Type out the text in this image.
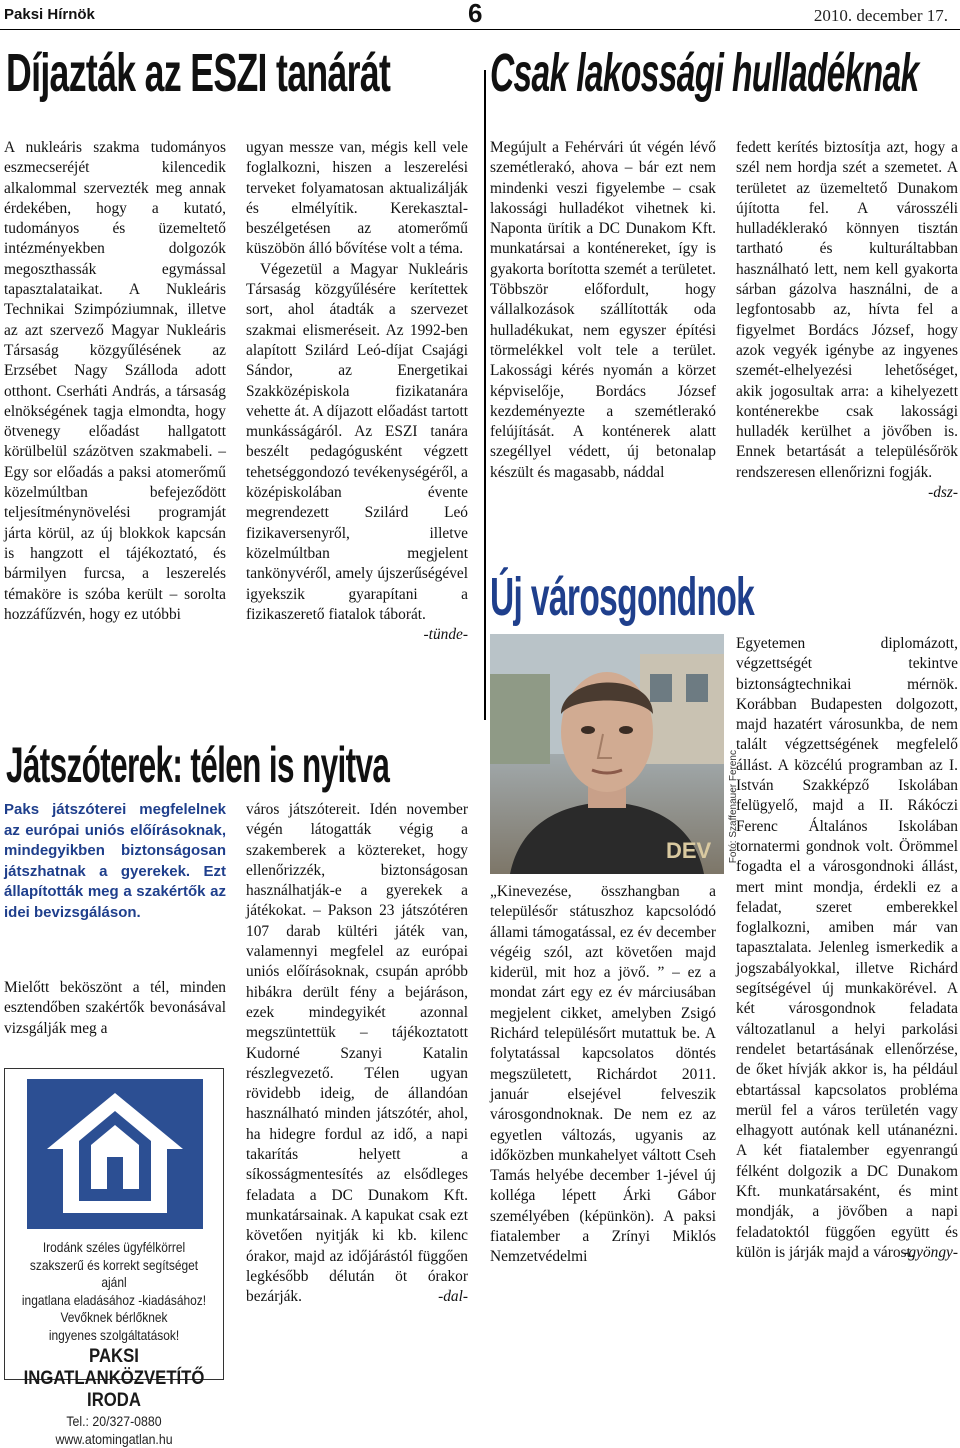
Paksi Hírnök	6	2010. december 17.
Díjazták az ESZI tanárát Csak lakossági hulladéknak
Játszóterek: télen is nyitva
Új városgondnok

A nukleáris szakma tudományos eszmecseréjét kilencedik alkalommal szervezték meg annak érdekében, hogy a kutató, tudományos és üzemeltető intézményekben dolgozók megoszthassák egymással tapasztalataikat. A Nukleáris Technikai Szimpóziumnak, illetve az azt szervező Magyar Nukleáris Társaság közgyűlésének az Erzsébet Nagy Szálloda adott otthont. Cserháti András, a társaság elnökségének tagja elmondta, hogy ötvenegy előadást hallgatott körülbelül százötven szakmabeli. – Egy sor előadás a paksi atomerőmű közelmúltban befejeződött teljesítménynövelési programját járta körül, az új blokkok kapcsán is hangzott el tájékoztató, és bármilyen furcsa, a leszerelés témaköre is szóba került – sorolta hozzáfűzvén, hogy ez utóbbi

ugyan messze van, mégis kell vele foglalkozni, hiszen a leszerelési terveket folyamatosan aktualizálják és elmélyítik. Kerekasztal-beszélgetésen az atomerőmű küszöbön álló bővítése volt a téma.

Végezetül a Magyar Nukleáris Társaság közgyűlésére kerítettek sort, ahol átadták a szervezet szakmai elismeréseit. Az 1992-ben alapított Szilárd Leó-díjat Csajági Sándor, az Energetikai Szakközépiskola fizikatanára vehette át. A díjazott előadást tartott munkásságáról. Az ESZI tanára beszélt pedagógusként végzett tehetséggondozó tevékenységéről, a középiskolában évente megrendezett Szilárd Leó fizikaversenyről, illetve közelmúltban megjelent tankönyvéről, amely újszerűségével igyekszik gyarapítani a fizikaszerető fiatalok táborát.

-tünde-

Megújult a Fehérvári út végén lévő szemétlerakó, ahova – bár ezt nem mindenki veszi figyelembe – csak lakossági hulladékot vihetnek ki. Naponta ürítik a DC Dunakom Kft. munkatársai a konténereket, így is gyakorta borította szemét a területet. Többször előfordult, hogy vállalkozások szállították oda hulladékukat, nem egyszer építési törmelékkel volt tele a terület. Lakossági kérés nyomán a körzet képviselője, Bordács József kezdeményezte a szemétlerakó felújítását. A konténerek alatt szegéllyel védett, új betonalap készült és magasabb, náddal

fedett kerítés biztosítja azt, hogy a szél nem hordja szét a szemetet. A területet az üzemeltető Dunakom újította fel. A városszéli hulladéklerakó könnyen tisztán tartható és kulturáltabban használható lett, nem kell gyakorta sárban gázolva használni, de a legfontosabb az, hívta fel a figyelmet Bordács József, hogy azok vegyék igénybe az ingyenes szemét-elhelyezési lehetőséget, akik jogosultak arra: a kihelyezett konténerekbe csak lakossági hulladék kerülhet a jövőben is. Ennek betartását a településőrök rendszeresen ellenőrizni fogják.

-dsz-

Paks játszóterei megfelelnek az európai uniós előírásoknak, mindegyikben biztonságosan játszhatnak a gyerekek. Ezt állapították meg a szakértők az idei bevizsgáláson.

Mielőtt beköszönt a tél, minden esztendőben szakértők bevonásával vizsgálják meg a

város játszótereit. Idén november végén látogatták végig a szakemberek a köztereket, hogy ellenőrizzék, biztonságosan használhatják-e a gyerekek a játékokat. – Pakson 23 játszótéren 107 darab kültéri játék van, valamennyi megfelel az európai uniós előírásoknak, csupán apróbb hibákra derült fény a bejáráson, ezek mindegyikét azonnal megszüntettük – tájékoztatott Kudorné Szanyi Katalin részlegvezető. Télen ugyan rövidebb ideig, de állandóan használható minden játszótér, ahol, ha hidegre fordul az idő, a napi takarítás helyett a síkosságmentesítés az elsődleges feladata a DC Dunakom Kft. munkatársainak. A kapukat csak ezt követően nyitják ki kb. kilenc órakor, majd az időjárástól függően legkésőbb délután öt órakor bezárják.	-dal-

Irodánk széles ügyfélkörrel
szakszerű és korrekt segítséget ajánl
ingatlana eladásához -kiadásához!
Vevőknek bérlőknek
ingyenes szolgáltatások!
PAKSI
INGATLANKÖZVETÍTŐ IRODA
Tel.: 20/327-0880
www.atomingatlan.hu
DEV Fotó: Szaffenauer Ferenc

Egyetemen diplomázott, végzettségét tekintve biztonságtechnikai mérnök. Korábban Budapesten dolgozott, majd hazatért városunkba, de nem talált végzettségének megfelelő állást. A közcélú programban az I. István Szakképző Iskolában felügyelő, majd a II. Rákóczi Ferenc Általános Iskolában tornatermi gondnok volt. Örömmel fogadta el a városgondnoki állást, mert mint mondja, érdekli ez a feladat, szeret emberekkel foglalkozni, amiben már van tapasztalata. Jelenleg ismerkedik a jogszabályokkal, illetve Richárd segítségével új munkakörével. A két városgondnok feladata változatlanul a helyi parkolási rendelet betartásának ellenőrzése, de őket hívják akkor is, ha például ebtartással kapcsolatos probléma merül fel a város területén vagy elhagyott autónak kell utánanézni. A két fiatalember egyenrangú félként dolgozik a DC Dunakom Kft. munkatársaként, és mint mondják, a jövőben a napi feladatoktól függően együtt és külön is járják majd a várost.

-gyöngy-

„Kinevezése, összhangban a településőr státuszhoz kapcsolódó állami támogatással, ez év december végéig szól, azt követően majd kiderül, mit hoz a jövő. ” – ez a mondat zárt egy ez év márciusában megjelent cikket, amelyben Zsigó Richárd településőrt mutattuk be. A folytatással kapcsolatos döntés megszületett, Richárdot 2011. január elsejével felveszik városgondnoknak. De nem ez az egyetlen változás, ugyanis az időközben munkahelyet váltott Cseh Tamás helyébe december 1-jével új kolléga lépett Árki Gábor személyében (képünkön). A paksi fiatalember a Zrínyi Miklós Nemzetvédelmi
